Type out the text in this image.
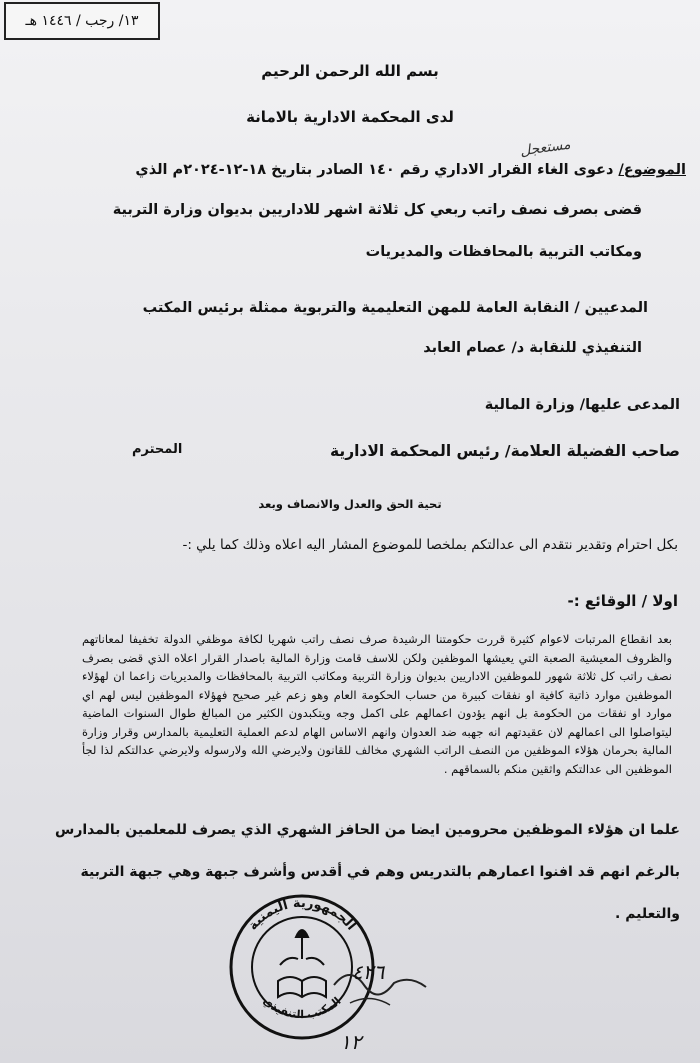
١٣/ رجب / ١٤٤٦ هـ
بسم الله الرحمن الرحيم
لدى المحكمة الادارية بالامانة
مستعجل
الموضوع/ دعوى الغاء القرار الاداري رقم ١٤٠ الصادر بتاريخ ١٨-١٢-٢٠٢٤م الذي
قضى بصرف نصف راتب ربعي كل ثلاثة اشهر للاداريين بديوان وزارة التربية
ومكاتب التربية بالمحافظات والمديريات
المدعيين / النقابة العامة للمهن التعليمية والتربوية ممثلة برئيس المكتب
التنفيذي للنقابة د/ عصام العابد
المدعى عليها/ وزارة المالية
صاحب الفضيلة العلامة/ رئيس المحكمة الادارية
المحترم
تحية الحق والعدل والانصاف وبعد
بكل احترام وتقدير نتقدم الى عدالتكم بملخصا للموضوع المشار اليه اعلاه وذلك كما يلي :-
اولا / الوقائع :-
بعد انقطاع المرتبات لاعوام كثيرة قررت حكومتنا الرشيدة صرف نصف راتب شهريا لكافة موظفي الدولة تخفيفا لمعاناتهم والظروف المعيشية الصعبة التي يعيشها الموظفين ولكن للاسف قامت وزارة المالية باصدار القرار اعلاه الذي قضى بصرف نصف راتب كل ثلاثة شهور للموظفين الاداريين بديوان وزارة التربية ومكاتب التربية بالمحافظات والمديريات زاعما ان لهؤلاء الموظفين موارد ذاتية كافية او نفقات كبيرة من حساب الحكومة العام وهو زعم غير صحيح فهؤلاء الموظفين ليس لهم اي موارد او نفقات من الحكومة بل انهم يؤدون اعمالهم على اكمل وجه ويتكبدون الكثير من المبالغ طوال السنوات الماضية ليتواصلوا الى اعمالهم لان عقيدتهم انه جهبه ضد العدوان وانهم الاساس الهام لدعم العملية التعليمية بالمدارس وقرار وزارة المالية بحرمان هؤلاء الموظفين من النصف الراتب الشهري مخالف للقانون ولايرضي الله ولارسوله ولايرضي عدالتكم لذا لجأ الموظفين الى عدالتكم واثقين منكم بالسماقهم .
علما ان هؤلاء الموظفين محرومين ايضا من الحافز الشهري الذي يصرف للمعلمين بالمدارس
بالرغم انهم قد افنوا اعمارهم بالتدريس وهم في أقدس وأشرف جبهة وهي جبهة التربية
والتعليم .
الجمهورية اليمنية
المكتب التنفيذي
٤٢٦
١٢
